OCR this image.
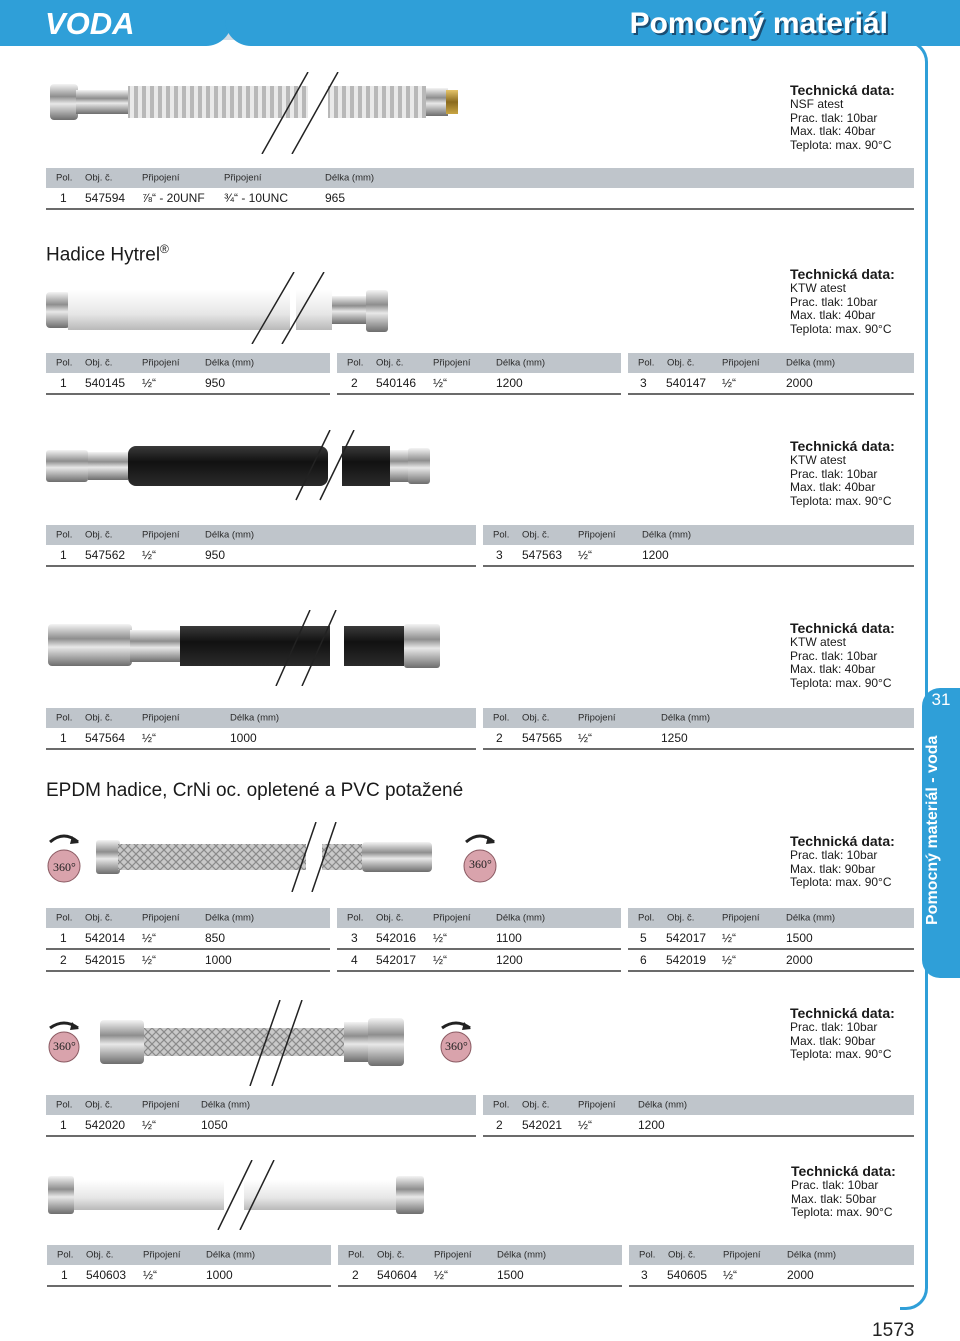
VODA	Pomocný materiál
31
Pomocný materiál - voda
Technická data:
NSF atest
Prac. tlak: 10bar
Max. tlak: 40bar
Teplota: max. 90°C
Pol. Obj. č.	Připojení	Připojení	Délka (mm)
1 547594 ⅞“ - 20UNF ¾“ - 10UNC	965
Hadice Hytrel®
Technická data:
KTW atest
Prac. tlak: 10bar
Max. tlak: 40bar
Teplota: max. 90°C
Pol. Obj. č.	Připojení	Délka (mm)
1 540145 ½“	950
Pol. Obj. č.	Připojení	Délka (mm)
2 540146 ½“	1200
Pol. Obj. č.	Připojení	Délka (mm)
3 540147 ½“	2000
Technická data:
KTW atest
Prac. tlak: 10bar
Max. tlak: 40bar
Teplota: max. 90°C
Pol. Obj. č.	Připojení	Délka (mm)
1 547562 ½“	950
Pol. Obj. č.	Připojení	Délka (mm)
3 547563 ½“	1200
Technická data:
KTW atest
Prac. tlak: 10bar
Max. tlak: 40bar
Teplota: max. 90°C
Pol. Obj. č.	Připojení	Délka (mm)
1 547564 ½“	1000
Pol. Obj. č.	Připojení	Délka (mm)
2 547565 ½“	1250
EPDM hadice, CrNi oc. opletené a PVC potažené
360°	360°
Technická data:
Prac. tlak: 10bar
Max. tlak: 90bar
Teplota: max. 90°C
Pol. Obj. č.	Připojení	Délka (mm)
1 542014 ½“	850
2 542015 ½“	1000
Pol. Obj. č.	Připojení	Délka (mm)
3 542016 ½“	1100
4 542017 ½“	1200
Pol. Obj. č.	Připojení	Délka (mm)
5 542017 ½“	1500
6 542019 ½“	2000
360°	360°
Technická data:
Prac. tlak: 10bar
Max. tlak: 90bar
Teplota: max. 90°C
Pol. Obj. č.	Připojení Délka (mm)
1 542020 ½“	1050
Pol. Obj. č.	Připojení Délka (mm)
2 542021 ½“	1200
Technická data:
Prac. tlak: 10bar
Max. tlak: 50bar
Teplota: max. 90°C
Pol. Obj. č.	Připojení	Délka (mm)
1 540603 ½“	1000
Pol. Obj. č.	Připojení	Délka (mm)
2 540604 ½“	1500
Pol. Obj. č.	Připojení	Délka (mm)
3 540605 ½“	2000
1573
